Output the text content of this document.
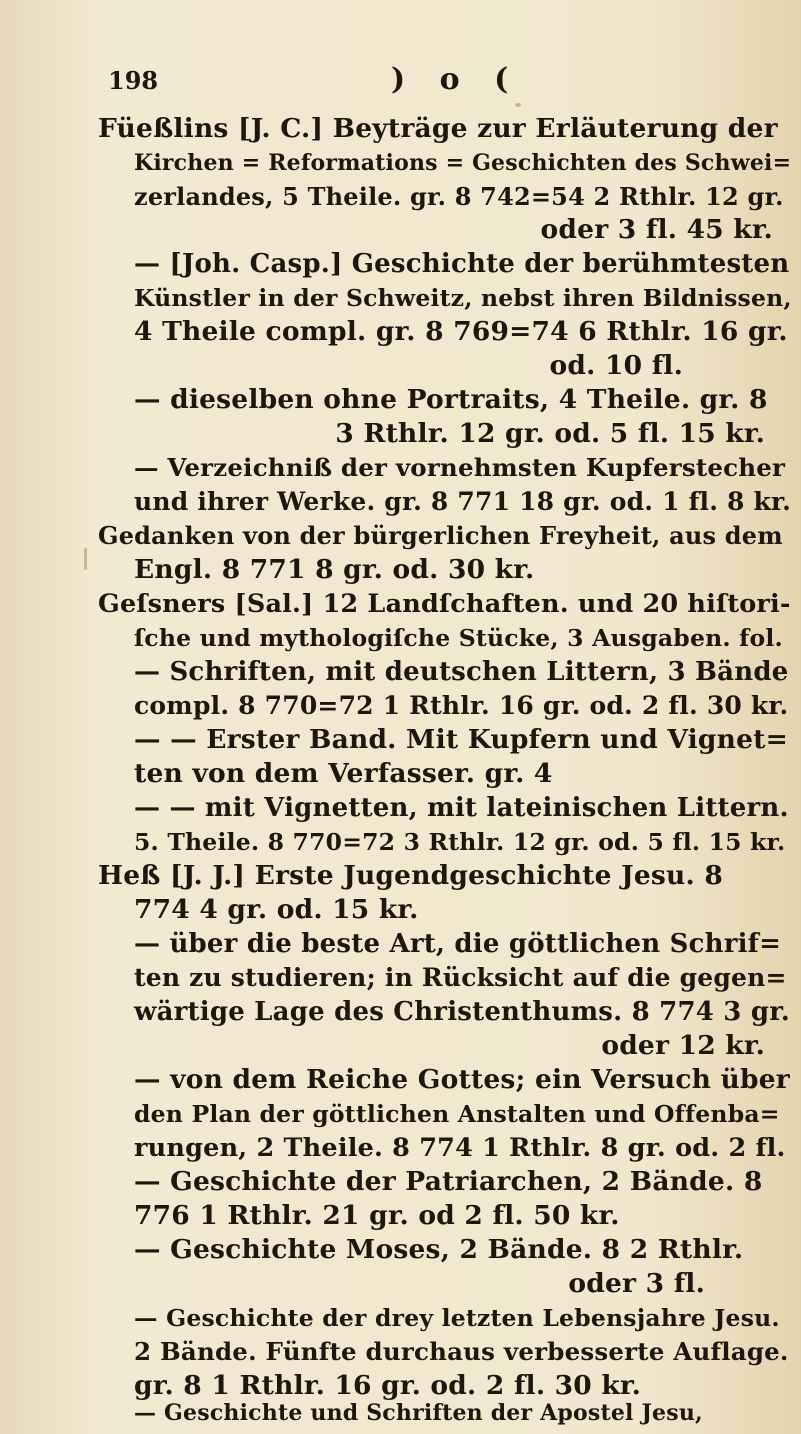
198	) o (
Füeßlins [J. C.] Beyträge zur Erläuterung der
Kirchen = Reformations = Geschichten des Schwei=
zerlandes, 5 Theile. gr. 8 742=54 2 Rthlr. 12 gr.
oder 3 fl. 45 kr.
— [Joh. Casp.] Geschichte der berühmtesten
Künstler in der Schweitz, nebst ihren Bildnissen,
4 Theile compl. gr. 8 769=74 6 Rthlr. 16 gr.
od. 10 fl.
— dieselben ohne Portraits, 4 Theile. gr. 8
3 Rthlr. 12 gr. od. 5 fl. 15 kr.
— Verzeichniß der vornehmsten Kupferstecher
und ihrer Werke. gr. 8 771 18 gr. od. 1 fl. 8 kr.
Gedanken von der bürgerlichen Freyheit, aus dem
Engl. 8 771 8 gr. od. 30 kr.
Geſsners [Sal.] 12 Landſchaften. und 20 hiſtori-
ſche und mythologiſche Stücke, 3 Ausgaben. fol.
— Schriften, mit deutschen Littern, 3 Bände
compl. 8 770=72 1 Rthlr. 16 gr. od. 2 fl. 30 kr.
— — Erster Band. Mit Kupfern und Vignet=
ten von dem Verfasser. gr. 4
— — mit Vignetten, mit lateinischen Littern.
5. Theile. 8 770=72 3 Rthlr. 12 gr. od. 5 fl. 15 kr.
Heß [J. J.] Erste Jugendgeschichte Jesu. 8
774 4 gr. od. 15 kr.
— über die beste Art, die göttlichen Schrif=
ten zu studieren; in Rücksicht auf die gegen=
wärtige Lage des Christenthums. 8 774 3 gr.
oder 12 kr.
— von dem Reiche Gottes; ein Versuch über
den Plan der göttlichen Anstalten und Offenba=
rungen, 2 Theile. 8 774 1 Rthlr. 8 gr. od. 2 fl.
— Geschichte der Patriarchen, 2 Bände. 8
776 1 Rthlr. 21 gr. od 2 fl. 50 kr.
— Geschichte Moses, 2 Bände. 8 2 Rthlr.
oder 3 fl.
— Geschichte der drey letzten Lebensjahre Jesu.
2 Bände. Fünfte durchaus verbesserte Auflage.
gr. 8 1 Rthlr. 16 gr. od. 2 fl. 30 kr.
— Geschichte und Schriften der Apostel Jesu,
